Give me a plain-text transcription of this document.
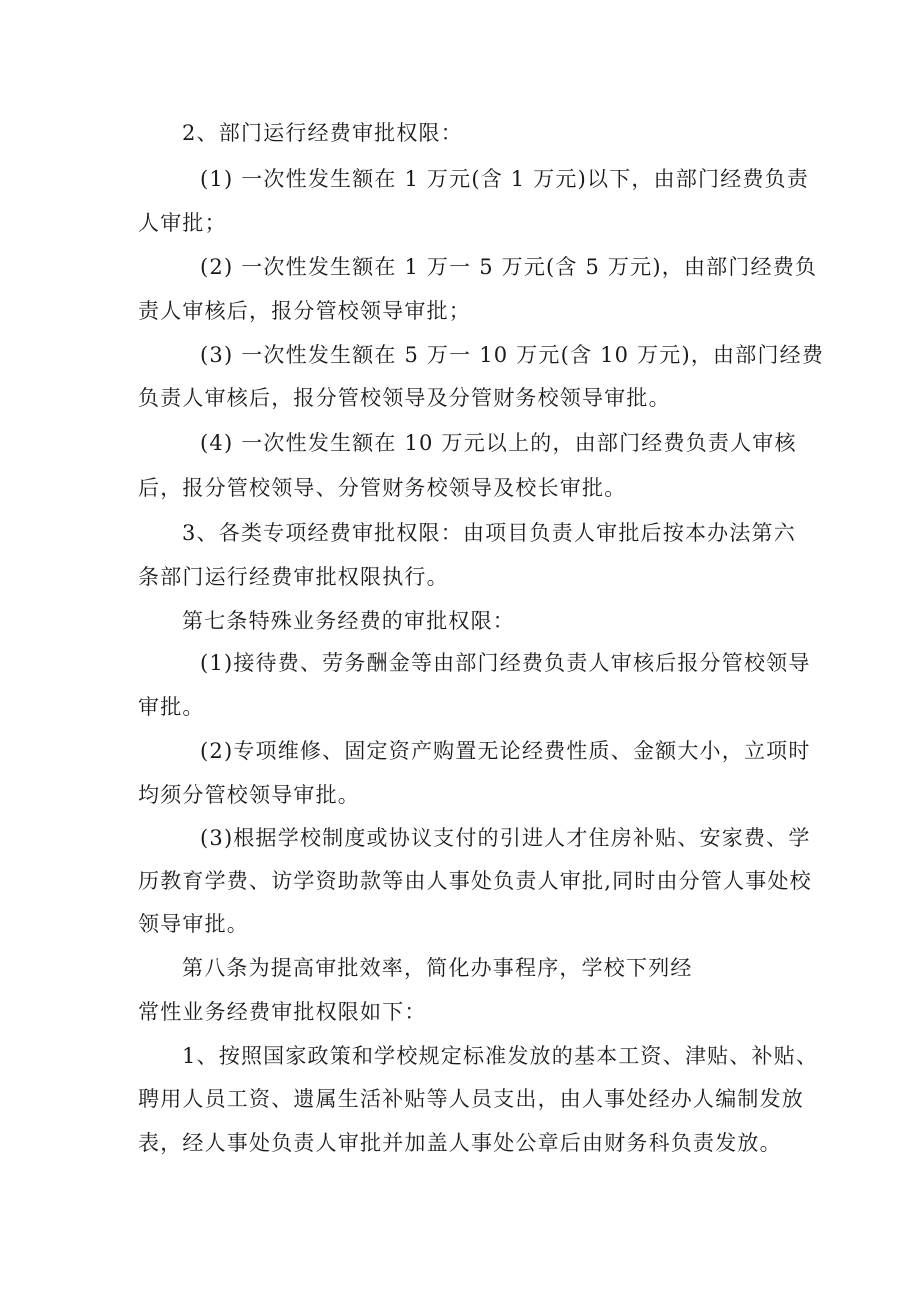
2、部门运行经费审批权限：
(1) 一次性发生额在 1 万元(含 1 万元)以下，由部门经费负责
人审批；
(2) 一次性发生额在 1 万一 5 万元(含 5 万元)，由部门经费负
责人审核后，报分管校领导审批；
(3) 一次性发生额在 5 万一 10 万元(含 10 万元)，由部门经费
负责人审核后，报分管校领导及分管财务校领导审批。
(4) 一次性发生额在 10 万元以上的，由部门经费负责人审核
后，报分管校领导、分管财务校领导及校长审批。
3、各类专项经费审批权限：由项目负责人审批后按本办法第六
条部门运行经费审批权限执行。
第七条特殊业务经费的审批权限：
(1)接待费、劳务酬金等由部门经费负责人审核后报分管校领导
审批。
(2)专项维修、固定资产购置无论经费性质、金额大小，立项时
均须分管校领导审批。
(3)根据学校制度或协议支付的引进人才住房补贴、安家费、学
历教育学费、访学资助款等由人事处负责人审批,同时由分管人事处校
领导审批。
第八条为提高审批效率，简化办事程序，学校下列经
常性业务经费审批权限如下：
1、按照国家政策和学校规定标准发放的基本工资、津贴、补贴、
聘用人员工资、遗属生活补贴等人员支出，由人事处经办人编制发放
表，经人事处负责人审批并加盖人事处公章后由财务科负责发放。
